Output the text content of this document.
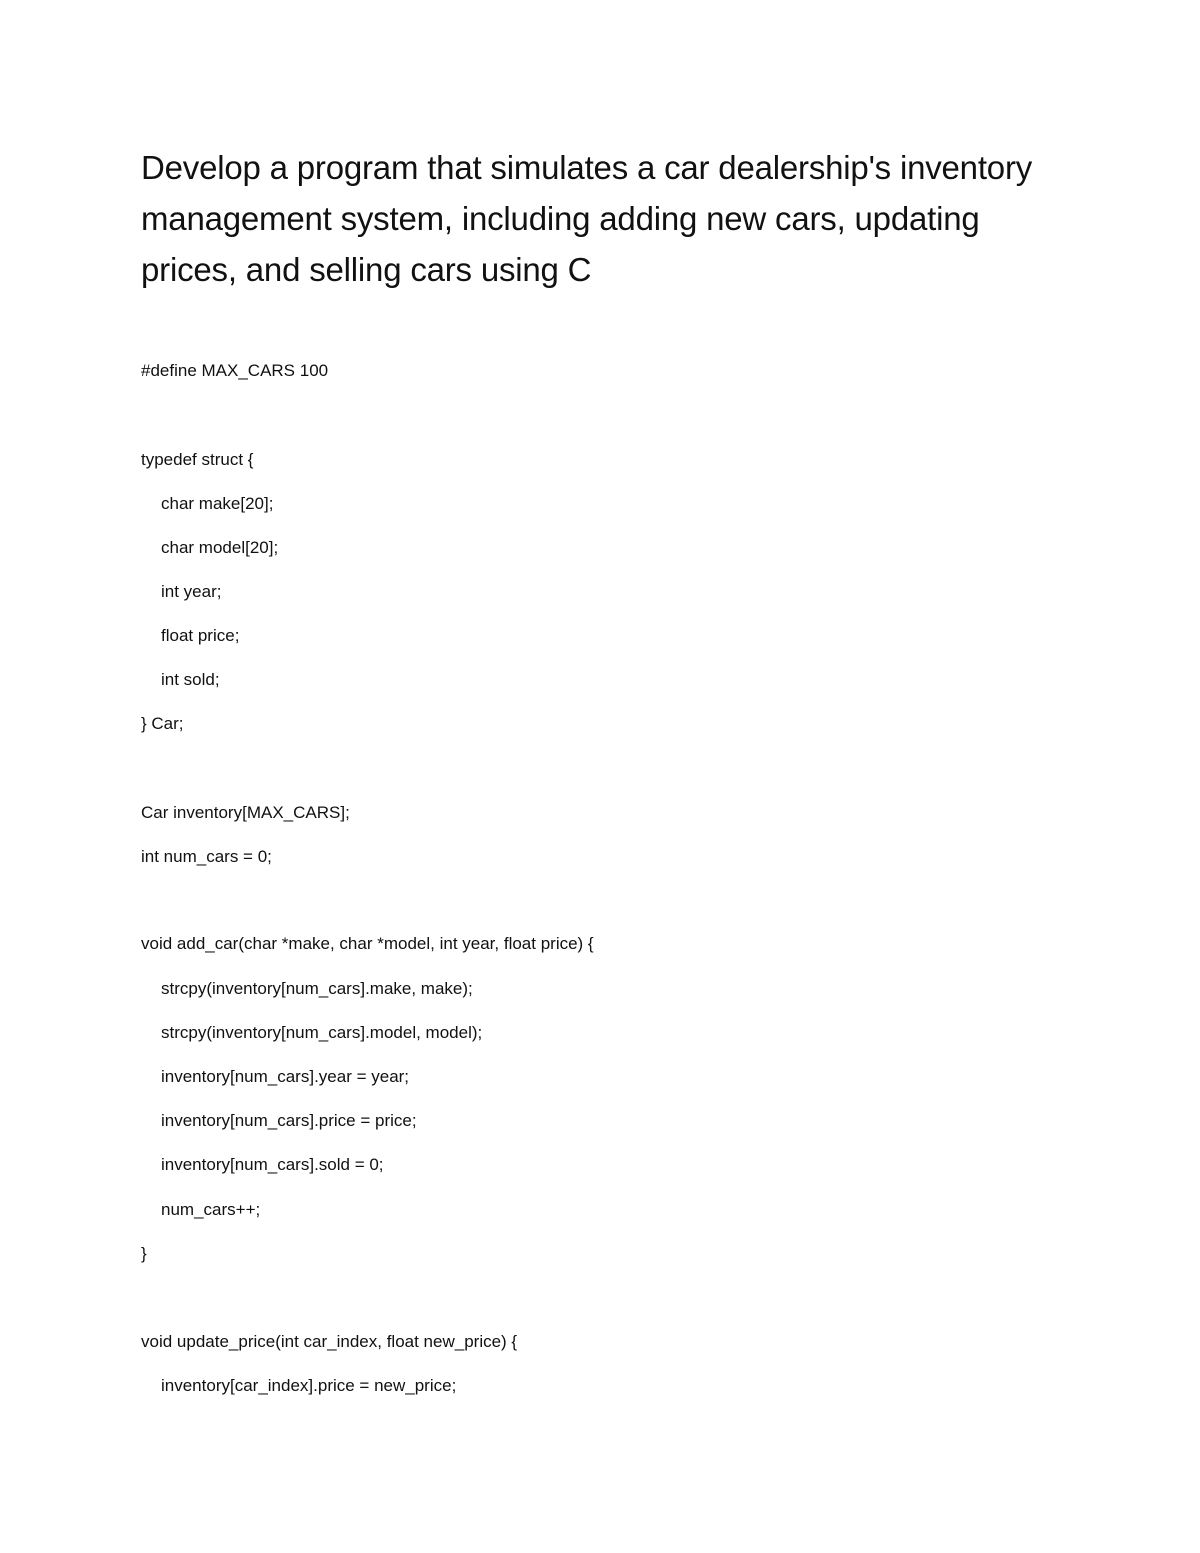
Develop a program that simulates a car dealership's inventory management system, including adding new cars, updating prices, and selling cars using C

#define MAX_CARS 100

typedef struct {

char make[20];

char model[20];

int year;

float price;

int sold;

} Car;

Car inventory[MAX_CARS];

int num_cars = 0;

void add_car(char *make, char *model, int year, float price) {

strcpy(inventory[num_cars].make, make);

strcpy(inventory[num_cars].model, model);

inventory[num_cars].year = year;

inventory[num_cars].price = price;

inventory[num_cars].sold = 0;

num_cars++;

}

void update_price(int car_index, float new_price) {

inventory[car_index].price = new_price;
